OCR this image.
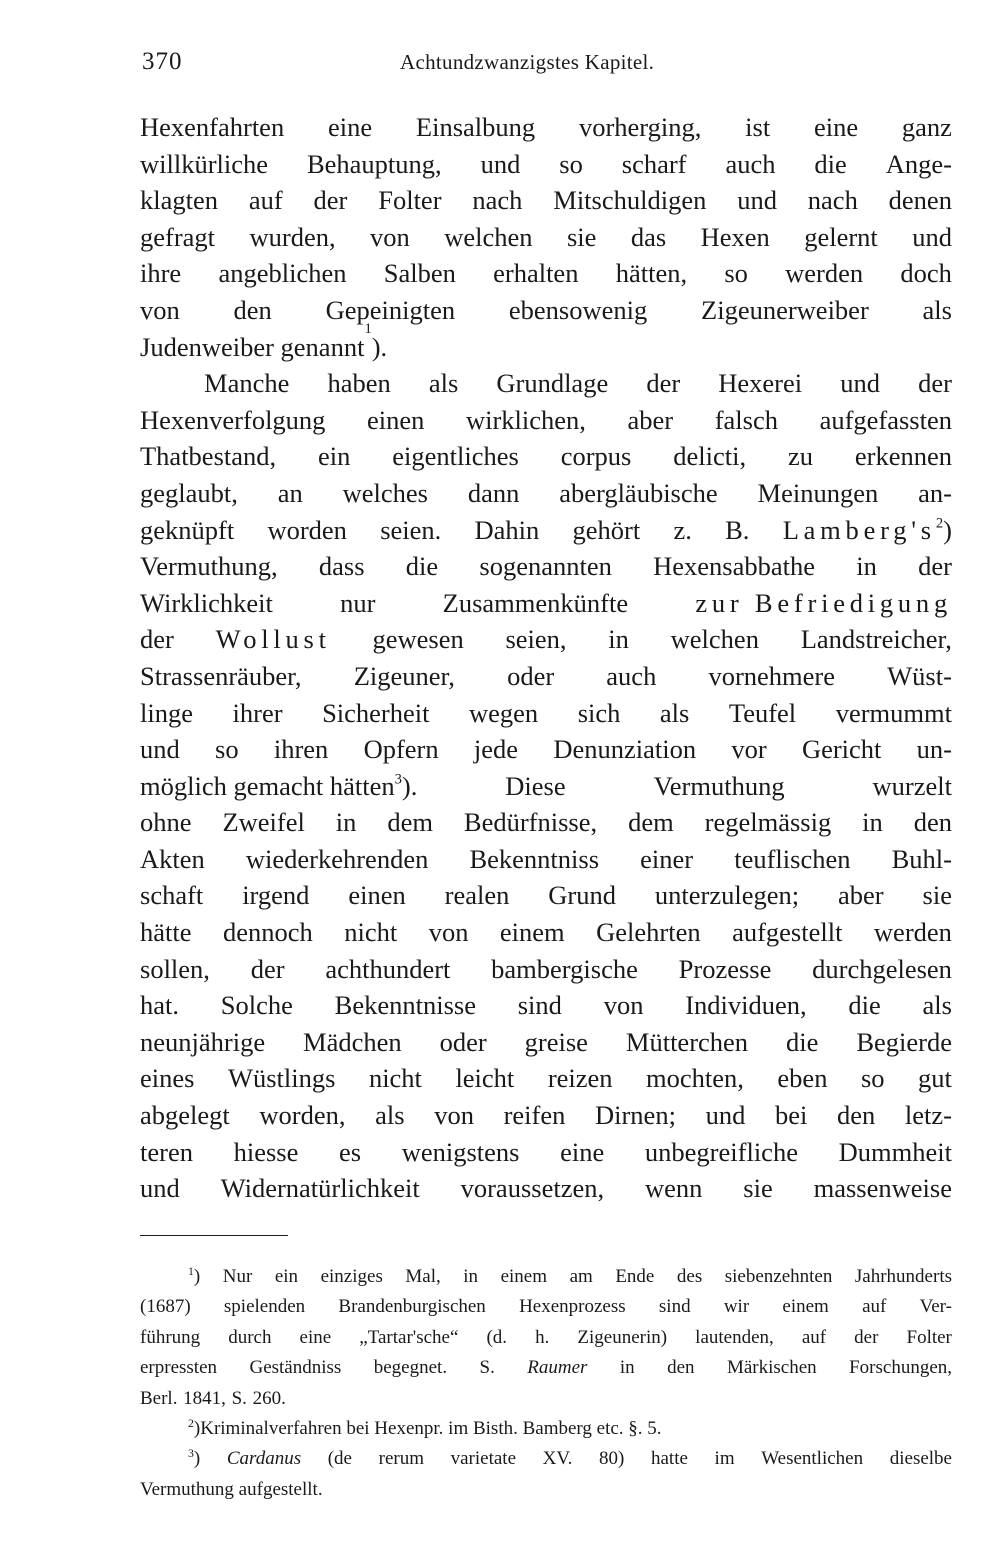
370	Achtundzwanzigstes Kapitel.
Hexenfahrten eine Einsalbung vorherging, ist eine ganz
willkürliche Behauptung, und so scharf auch die Ange-
klagten auf der Folter nach Mitschuldigen und nach denen
gefragt wurden, von welchen sie das Hexen gelernt und
ihre angeblichen Salben erhalten hätten, so werden doch
von den Gepeinigten ebensowenig Zigeunerweiber als
Judenweiber genannt
1
).
Manche haben als Grundlage der Hexerei und der
Hexenverfolgung einen wirklichen, aber falsch aufgefassten
Thatbestand, ein eigentliches corpus delicti, zu erkennen
geglaubt, an welches dann abergläubische Meinungen an-
geknüpft worden seien. Dahin gehört z. B. $Lamberg's^2$)
Vermuthung, dass die sogenannten Hexensabbathe in der
Wirklichkeit	nur	Zusammenkünfte	zur Befriedigung
der Wollust gewesen seien, in welchen Landstreicher,
Strassenräuber, Zigeuner, oder auch vornehmere Wüst-
linge ihrer Sicherheit wegen sich als Teufel vermummt
und so ihren Opfern jede Denunziation vor Gericht un-
möglich gemacht hätten$^3$).	Diese	Vermuthung	wurzelt
ohne Zweifel in dem Bedürfnisse, dem regelmässig in den
Akten wiederkehrenden Bekenntniss einer teuflischen Buhl-
schaft irgend einen realen Grund unterzulegen; aber sie
hätte dennoch nicht von einem Gelehrten aufgestellt werden
sollen, der achthundert bambergische Prozesse durchgelesen
hat. Solche Bekenntnisse sind von Individuen, die als
neunjährige Mädchen oder greise Mütterchen die Begierde
eines Wüstlings nicht leicht reizen mochten, eben so gut
abgelegt worden, als von reifen Dirnen; und bei den letz-
teren hiesse es wenigstens eine unbegreifliche Dummheit
und Widernatürlichkeit voraussetzen, wenn sie massenweise
$^1$) Nur ein einziges Mal, in einem am Ende des siebenzehnten Jahrhunderts
(1687) spielenden Brandenburgischen Hexenprozess sind wir einem auf Ver-
führung durch eine „Tartar'sche“ (d. h. Zigeunerin) lautenden, auf der Folter
erpressten Geständniss begegnet. S. Raumer in den Märkischen Forschungen,
Berl. 1841, S. 260.
$^2$) Kriminalverfahren bei Hexenpr. im Bisth. Bamberg etc. §. 5.
$^3$) Cardanus (de rerum varietate XV. 80) hatte im Wesentlichen dieselbe
Vermuthung aufgestellt.
